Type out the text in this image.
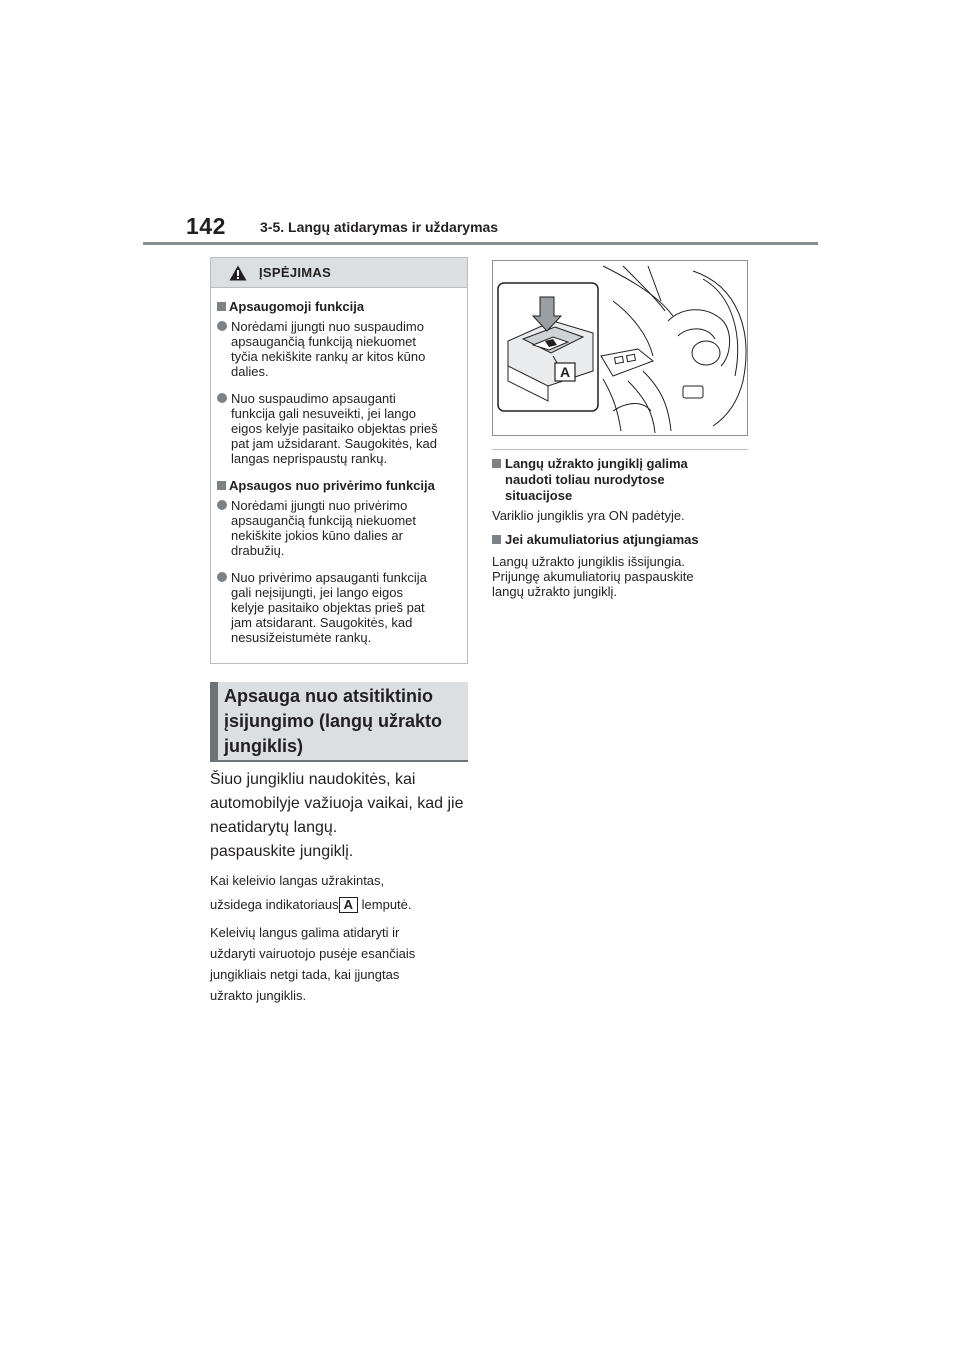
142 3-5. Langų atidarymas ir uždarymas
ĮSPĖJIMAS
Apsaugomoji funkcija
Norėdami įjungti nuo suspaudimo
apsaugančią funkciją niekuomet
tyčia nekiškite rankų ar kitos kūno
dalies.
Nuo suspaudimo apsauganti
funkcija gali nesuveikti, jei lango
eigos kelyje pasitaiko objektas prieš
pat jam užsidarant. Saugokitės, kad
langas neprispaustų rankų.
Apsaugos nuo privėrimo funkcija
Norėdami įjungti nuo privėrimo
apsaugančią funkciją niekuomet
nekiškite jokios kūno dalies ar
drabužių.
Nuo privėrimo apsauganti funkcija
gali neįsijungti, jei lango eigos
kelyje pasitaiko objektas prieš pat
jam atsidarant. Saugokitės, kad
nesusižeistumėte rankų.
Apsauga nuo atsitiktinio
įsijungimo (langų užrakto
jungiklis)
Šiuo jungikliu naudokitės, kai
automobilyje važiuoja vaikai, kad jie
neatidarytų langų.
paspauskite jungiklį.
Kai keleivio langas užrakintas,
užsidega indikatoriaus A lemputė.
Keleivių langus galima atidaryti ir
uždaryti vairuotojo pusėje esančiais
jungikliais netgi tada, kai įjungtas
užrakto jungiklis.
A
Langų užrakto jungiklį galima
naudoti toliau nurodytose
situacijose
Variklio jungiklis yra ON padėtyje.
Jei akumuliatorius atjungiamas
Langų užrakto jungiklis išsijungia.
Prijungę akumuliatorių paspauskite
langų užrakto jungiklį.
